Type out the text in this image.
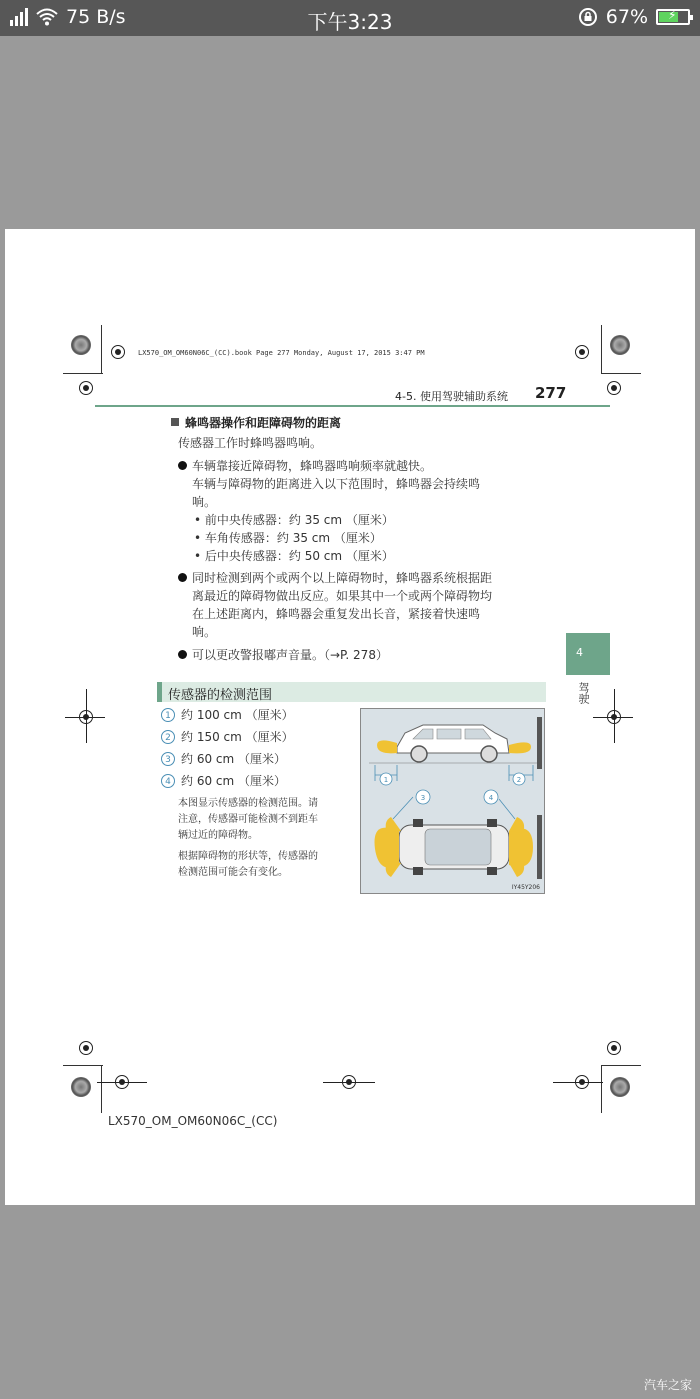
75 B/s	下午3:23	67% ⚡
LX570_OM_OM60N06C_(CC).book Page 277 Monday, August 17, 2015 3:47 PM
4-5. 使用驾驶辅助系统 277
4
驾驶
蜂鸣器操作和距障碍物的距离
传感器工作时蜂鸣器鸣响。
车辆靠接近障碍物，蜂鸣器鸣响频率就越快。
车辆与障碍物的距离进入以下范围时，蜂鸣器会持续鸣
响。
• 前中央传感器：约 35 cm （厘米）
• 车角传感器：约 35 cm （厘米）
• 后中央传感器：约 50 cm （厘米）
同时检测到两个或两个以上障碍物时，蜂鸣器系统根据距
离最近的障碍物做出反应。如果其中一个或两个障碍物均
在上述距离内，蜂鸣器会重复发出长音，紧接着快速鸣
响。
可以更改警报嘟声音量。（→P. 278）
传感器的检测范围
1 约 100 cm （厘米）
2 约 150 cm （厘米）
3 约 60 cm （厘米）
4 约 60 cm （厘米）
本图显示传感器的检测范围。请
注意，传感器可能检测不到距车
辆过近的障碍物。
根据障碍物的形状等，传感器的
检测范围可能会有变化。
1	2
3	4
IY45Y206
LX570_OM_OM60N06C_(CC)
汽车之家
